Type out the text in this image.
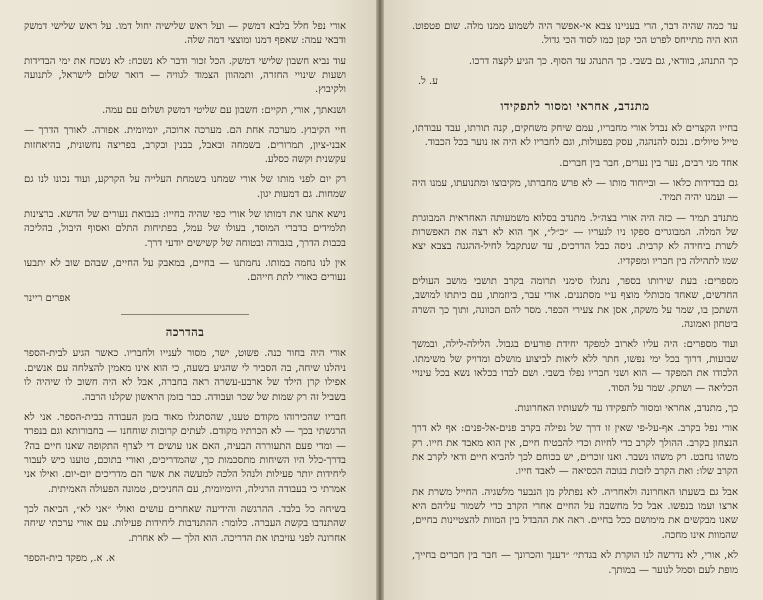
אורי נפל חלל בלבא דמשק — ועל ראש שלישיה יחול דמו. על ראש שלישי דמשק ודבאי עמה: שאפף דמנו ומוצצי דמה שלה.

עוד נביא חשבון שלישי דמשק. הכל זכור ודבר לא נשכח: לא נשכח את ימי הבדידות ושעות שינויי החזרה, ותמהוון הצמוד לגוויה — דואר שלום לישראל, לתנועה ולקיבוץ.

ושנאתך, אורי, תקיים: חשבון עם שליטי דמשק ושלום עם עמה.

חיי הקיבוץ. מערכה אחת הם. מערכה ארוכה, יומיומית. אפורה. לאורך הדרך — אבני-ציון, תמרורים. בשמחה ובאבל, בבנין ובקרב, בפריצה נחשונית, בהיאחזות עקשנית וקשה כסלע.

רק יום לפני מותו של אורי שמחנו בשמחת העלייה על הקרקע, ועוד נכונו לנו גם שמחות. גם דמעות יגון.

נישא אתנו את דמותו של אורי כפי שהיה בחייו: בנבואת נעורים של הדשא. ברצינות תלמידים בדברי המוסד, בעולו של עמל, בפתיחות התלם ואסוף היבול, בהליכה בכבות הדרך, בגבורה ובטוחה של קשישים יודעי דרך.

אין לנו נחמה במותו. נחמתנו — בחיים, במאבק על החיים, שבהם שוב לא יתבעו נעורים כאורי לתת חייהם.

אפרים ריינר
בהדרכה

אורי היה בחור כנה. פשוט, ישר, מסור לענייו ולחבריו. כאשר הגיע לבית-הספר ניהלנו שיחה, בה הסביר לי שהגיע בשעה, כי הוא אינו מאמין להצלחה עם אנשים. אפילו קרן הילד של ארבע-עשרה ראה בחברה, אבל לא היה חשוב לו שיהיה לו בשביל זה רק שמות של שכר ועבודה. כבר בזמן הראשון שקלנו הרבה.

חבריו שהכירוהו מקודם טענו, שהסתגלו מאוד בזמן העבודה בבית-הספר. אני לא הרגשתי בכך — לא הכרתיו מקודם. לעתים קרובות שוחחנו — בחבורותא וגם בנפרד — ומדי פעם התעוררה הבעיה, האם אנו עושים די לצרף התקופה שאנו חיים בה? בדרך-כלל היו השיחות מתסכמות כך, שהמדריכים, ואורי בתוכם, טוענו כיש לעבור ליחידות יותר פעילות ולנהל הלכה למעשה את אשר הם מדריכים יום-יום. ואילו אני אמרתי כי בעבודה הרגילה, היומיומית, עם החניכים, טמונה הפעולה האמיתית.

בשיחה כל בלבד. ההרגשה והידיעה שאחרים עושים ואולי ״אני לא״, הביאה לכך שהתנדבו בקשת העברה. כלומר: ההתנדבות ליחידות פעילות. עם אורי ערכתי שיחה אחרונה לפני עזיבתו את הדריכה. הוא הלך — לא אחרת.

א. א., מפקד בית-הספר

עד כמה שהיה דבר, הרי בעניינו צבא אי-אפשר היה לשמוע ממנו מלה. שום פטפוט. הוא היה מתייחס לפרט הכי קטן כמו לסוד הכי גדול.

כך התנהג, בוודאי, גם בשבי. כך התנהג עד הסוף. כך הגיע לקצה דרכו.

ע. ל.
מתנדב, אחראי ומסור לתפקידו

בחייו הקצרים לא נבדל אורי מחבריו, עמם שיחק משחקים, קנה תורתו, עבד עבודתו, טייל טיולים. נכנס להנהגה, עסק בפעולות, וגם לחבריו לא היה אז נוער בכל הכבוד.

אחד מני רבים, נער בין נערים, חבר בין חברים.

גם בבדידות כלאו — ובייחוד מותו — לא פרש מחברתו, מקיבוצו ומתנועתו, עמנו היה — ועמנו יהיה תמיד.

מתנדב תמיד — כזה היה אורי בצה״ל. מתנדב בסלוא משמעותה האחראית המבוגרת של המלה. המבוגרים ספקו ניו לנעריו — ״כ״ל״, אך הוא לא רצה את האפשרות לשרת ביחידה לא קרבית. ניסה כבל הדרכים, עד שנתקבל לחיל-ההגנה בצבא יצא שמו לתהילה בין חבריו ומפקדיו.

מספרים: בעת שירותו בספר, נתגלו סימני תרומה בקרב תושבי מושב העולים החדשים, שאחד מכותלי מוצף ע״י מסתננים. אורי עבר, ביוזמתו, עם כיתתו למושב, השתכן בו, שמר על משקה, אסן את צעירי הכפר. מסר להם הכוונה, ותוך כך השרה ביטחון ואמונה.

ועוד מספרים: היה עליו לארוב למפקד יחידת פורעים בגבול. הלילה-לילה, ובמשך שבועות, דרוך בכל ימי נפשו, חתר ללא ליאות לביצוע מושלם ומדויק של משימתו. הלכודו את המפקד — הוא ושני חבריו נפלו בשבי. ושם לבדו בכלאו נשא בכל עינויי הכליאה — ושתק. שמר על הסוד.

כך, מתנדב, אחראי ומסור לתפקידו עד לשעותיו האחרונות.

אורי נפל בקרב. אף-על-פי שאין זו דרך של נפילה בקרב פנים-אל-פנים: אף לא דרך הנצחון בקרב. ההולך לקרב כדי לחיות וכדי להבטיח חיים, אין הוא מאבד את חייו. רק משהו נחבט. רק משהו נשבר. ואנו זוכרים, יש בכוחם לכך להביא חיים ודאי לקרב את הקרב שלו: ואת הקרב לזכות בגובה הכסיאה — לאבד חייו.

אבל גם בשעתו האחרונה ולאחריה. לא נפתלק מן הנבער מלשגיה. החייל משרת את ארצו ועמו בנפשו. אבל כל מחשבה על החיים אחרי הקרב כדי לשמור עליהם היא שאנו מבקשים את מימושם ככל בחיים. ראה את ההבדל בין המוות להצטיינות בחיים, שהמוות אינו מחכה.

לא, אורי, לא נדרשה לנו הוקרת לא בגדתי׳ ״דענך והכרונך — חבר בין חברים בחייך, מופת לעם וסמל לנוער — במותך.
